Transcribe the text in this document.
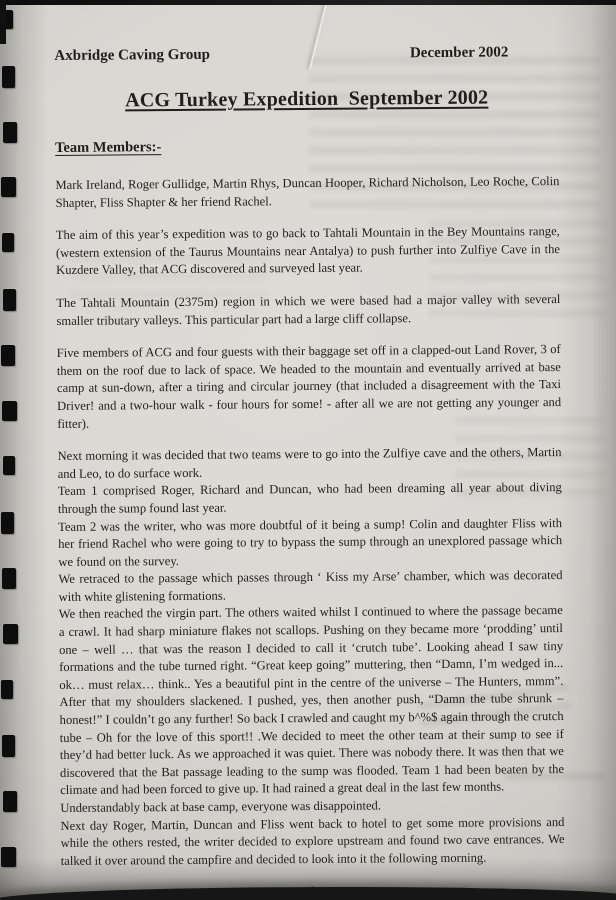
Axbridge Caving Group	December 2002
ACG Turkey Expedition  September 2002
Team Members:-

Mark Ireland, Roger Gullidge, Martin Rhys, Duncan Hooper, Richard Nicholson, Leo Roche, Colin Shapter, Fliss Shapter & her friend Rachel.

The aim of this year’s expedition was to go back to Tahtali Mountain in the Bey Mountains range, (western extension of the Taurus Mountains near Antalya) to push further into Zulfiye Cave in the Kuzdere Valley, that ACG discovered and surveyed last year.

The Tahtali Mountain (2375m) region in which we were based had a major valley with several smaller tributary valleys. This particular part had a large cliff collapse.

Five members of ACG and four guests with their baggage set off in a clapped-out Land Rover, 3 of them on the roof due to lack of space. We headed to the mountain and eventually arrived at base camp at sun-down, after a tiring and circular journey (that included a disagreement with the Taxi Driver! and a two-hour walk - four hours for some! - after all we are not getting any younger and fitter).

Next morning it was decided that two teams were to go into the Zulfiye cave and the others, Martin and Leo, to do surface work.

Team 1 comprised Roger, Richard and Duncan, who had been dreaming all year about diving through the sump found last year.

Team 2 was the writer, who was more doubtful of it being a sump! Colin and daughter Fliss with her friend Rachel who were going to try to bypass the sump through an unexplored passage which we found on the survey.

We retraced to the passage which passes through ‘ Kiss my Arse’ chamber, which was decorated with white glistening formations.

We then reached the virgin part. The others waited whilst I continued to where the passage became a crawl. It had sharp miniature flakes not scallops. Pushing on they became more ‘prodding’ until one – well … that was the reason I decided to call it ‘crutch tube’. Looking ahead I saw tiny formations and the tube turned right. “Great keep going” muttering, then “Damn, I’m wedged in... ok… must relax… think.. Yes a beautiful pint in the centre of the universe – The Hunters, mmm”. After that my shoulders slackened. I pushed, yes, then another push, “Damn the tube shrunk – honest!” I couldn’t go any further! So back I crawled and caught my b^%$ again through the crutch tube – Oh for the love of this sport!! .We decided to meet the other team at their sump to see if they’d had better luck. As we approached it was quiet. There was nobody there. It was then that we discovered that the Bat passage leading to the sump was flooded. Team 1 had been beaten by the climate and had been forced to give up. It had rained a great deal in the last few months.

Understandably back at base camp, everyone was disappointed.

Next day Roger, Martin, Duncan and Fliss went back to hotel to get some more provisions and while the others rested, the writer decided to explore upstream and found two cave entrances. We talked it over around the campfire and decided to look into it the following morning.
